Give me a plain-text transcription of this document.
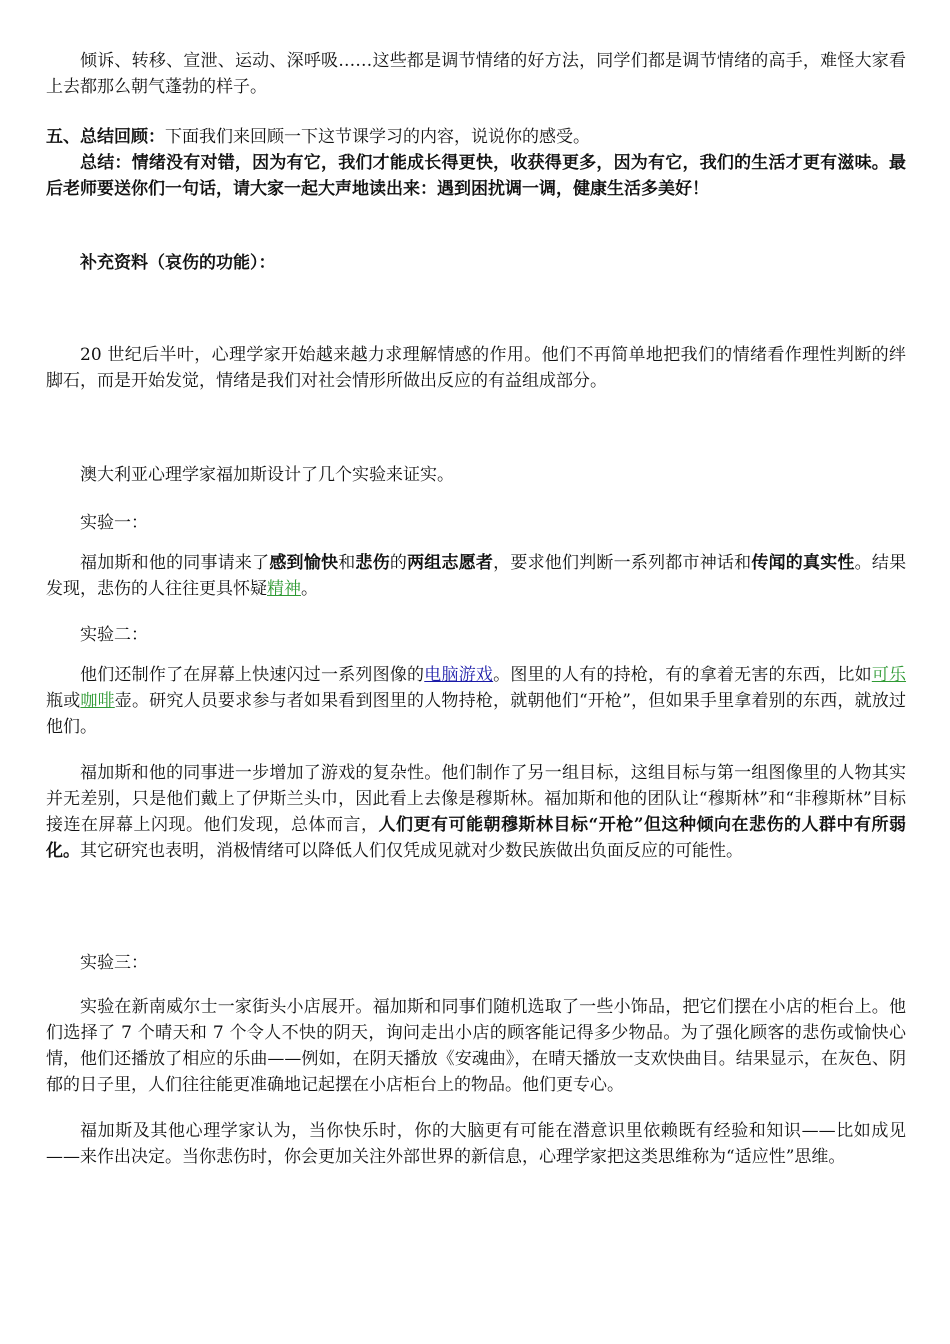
倾诉、转移、宣泄、运动、深呼吸……这些都是调节情绪的好方法，同学们都是调节情绪的高手，难怪大家看上去都那么朝气蓬勃的样子。

五、总结回顾：下面我们来回顾一下这节课学习的内容，说说你的感受。

总结：情绪没有对错，因为有它，我们才能成长得更快，收获得更多，因为有它，我们的生活才更有滋味。最后老师要送你们一句话，请大家一起大声地读出来：遇到困扰调一调，健康生活多美好！

补充资料（哀伤的功能）：

20 世纪后半叶，心理学家开始越来越力求理解情感的作用。他们不再简单地把我们的情绪看作理性判断的绊脚石，而是开始发觉，情绪是我们对社会情形所做出反应的有益组成部分。

澳大利亚心理学家福加斯设计了几个实验来证实。

实验一：

福加斯和他的同事请来了感到愉快和悲伤的两组志愿者，要求他们判断一系列都市神话和传闻的真实性。结果发现，悲伤的人往往更具怀疑精神。

实验二：

他们还制作了在屏幕上快速闪过一系列图像的电脑游戏。图里的人有的持枪，有的拿着无害的东西，比如可乐瓶或咖啡壶。研究人员要求参与者如果看到图里的人物持枪，就朝他们“开枪”，但如果手里拿着别的东西，就放过他们。

福加斯和他的同事进一步增加了游戏的复杂性。他们制作了另一组目标，这组目标与第一组图像里的人物其实并无差别，只是他们戴上了伊斯兰头巾，因此看上去像是穆斯林。福加斯和他的团队让“穆斯林”和“非穆斯林”目标接连在屏幕上闪现。他们发现，总体而言，人们更有可能朝穆斯林目标“开枪”但这种倾向在悲伤的人群中有所弱化。其它研究也表明，消极情绪可以降低人们仅凭成见就对少数民族做出负面反应的可能性。

实验三：

实验在新南威尔士一家街头小店展开。福加斯和同事们随机选取了一些小饰品，把它们摆在小店的柜台上。他们选择了 7 个晴天和 7 个令人不快的阴天，询问走出小店的顾客能记得多少物品。为了强化顾客的悲伤或愉快心情，他们还播放了相应的乐曲——例如，在阴天播放《安魂曲》，在晴天播放一支欢快曲目。结果显示，在灰色、阴郁的日子里，人们往往能更准确地记起摆在小店柜台上的物品。他们更专心。

福加斯及其他心理学家认为，当你快乐时，你的大脑更有可能在潜意识里依赖既有经验和知识——比如成见——来作出决定。当你悲伤时，你会更加关注外部世界的新信息，心理学家把这类思维称为“适应性”思维。
